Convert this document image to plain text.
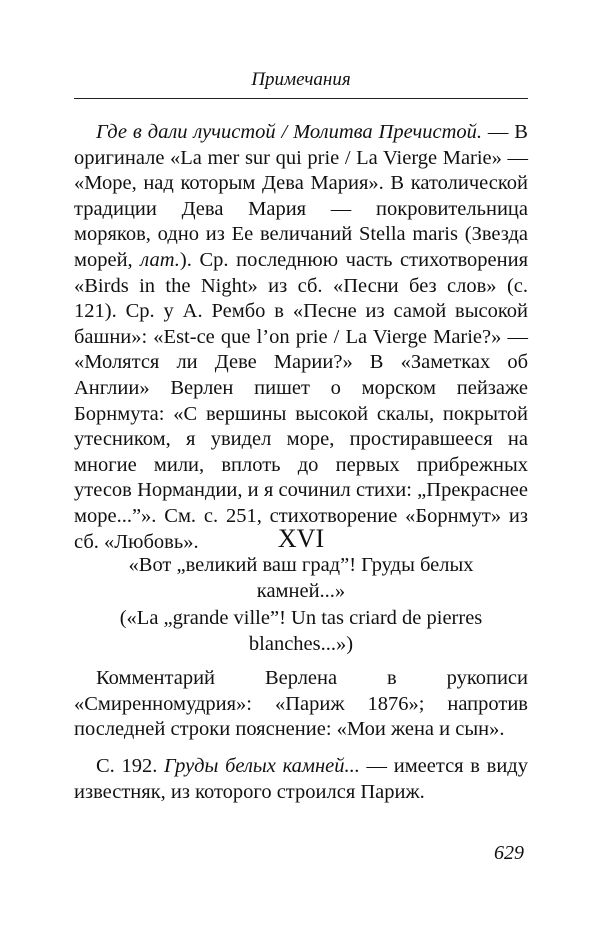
Примечания

Где в дали лучистой / Молитва Пречистой. — В оригинале «La mer sur qui prie / La Vierge Marie» — «Море, над которым Дева Мария». В католической традиции Дева Мария — покровительница моряков, одно из Ее величаний Stella maris (Звезда морей, лат.). Ср. последнюю часть стихотворения «Birds in the Night» из сб. «Песни без слов» (с. 121). Ср. у А. Рембо в «Песне из самой высокой башни»: «Est-ce que l’on prie / La Vierge Marie?» — «Молятся ли Деве Марии?» В «Заметках об Англии» Верлен пишет о морском пейзаже Борнмута: «С вершины высокой скалы, покрытой утесником, я увидел море, простиравшееся на многие мили, вплоть до первых прибрежных утесов Нормандии, и я сочинил стихи: „Прекраснее море...”». См. с. 251, стихотворение «Борнмут» из сб. «Любовь».	XVI
«Вот „великий ваш град”! Груды белых камней...»
(«La „grande ville”! Un tas criard de pierres blanches...»)

Комментарий Верлена в рукописи «Смиренномудрия»: «Париж 1876»; напротив последней строки пояснение: «Мои жена и сын».

С. 192. Груды белых камней... — имеется в виду известняк, из которого строился Париж.

629
